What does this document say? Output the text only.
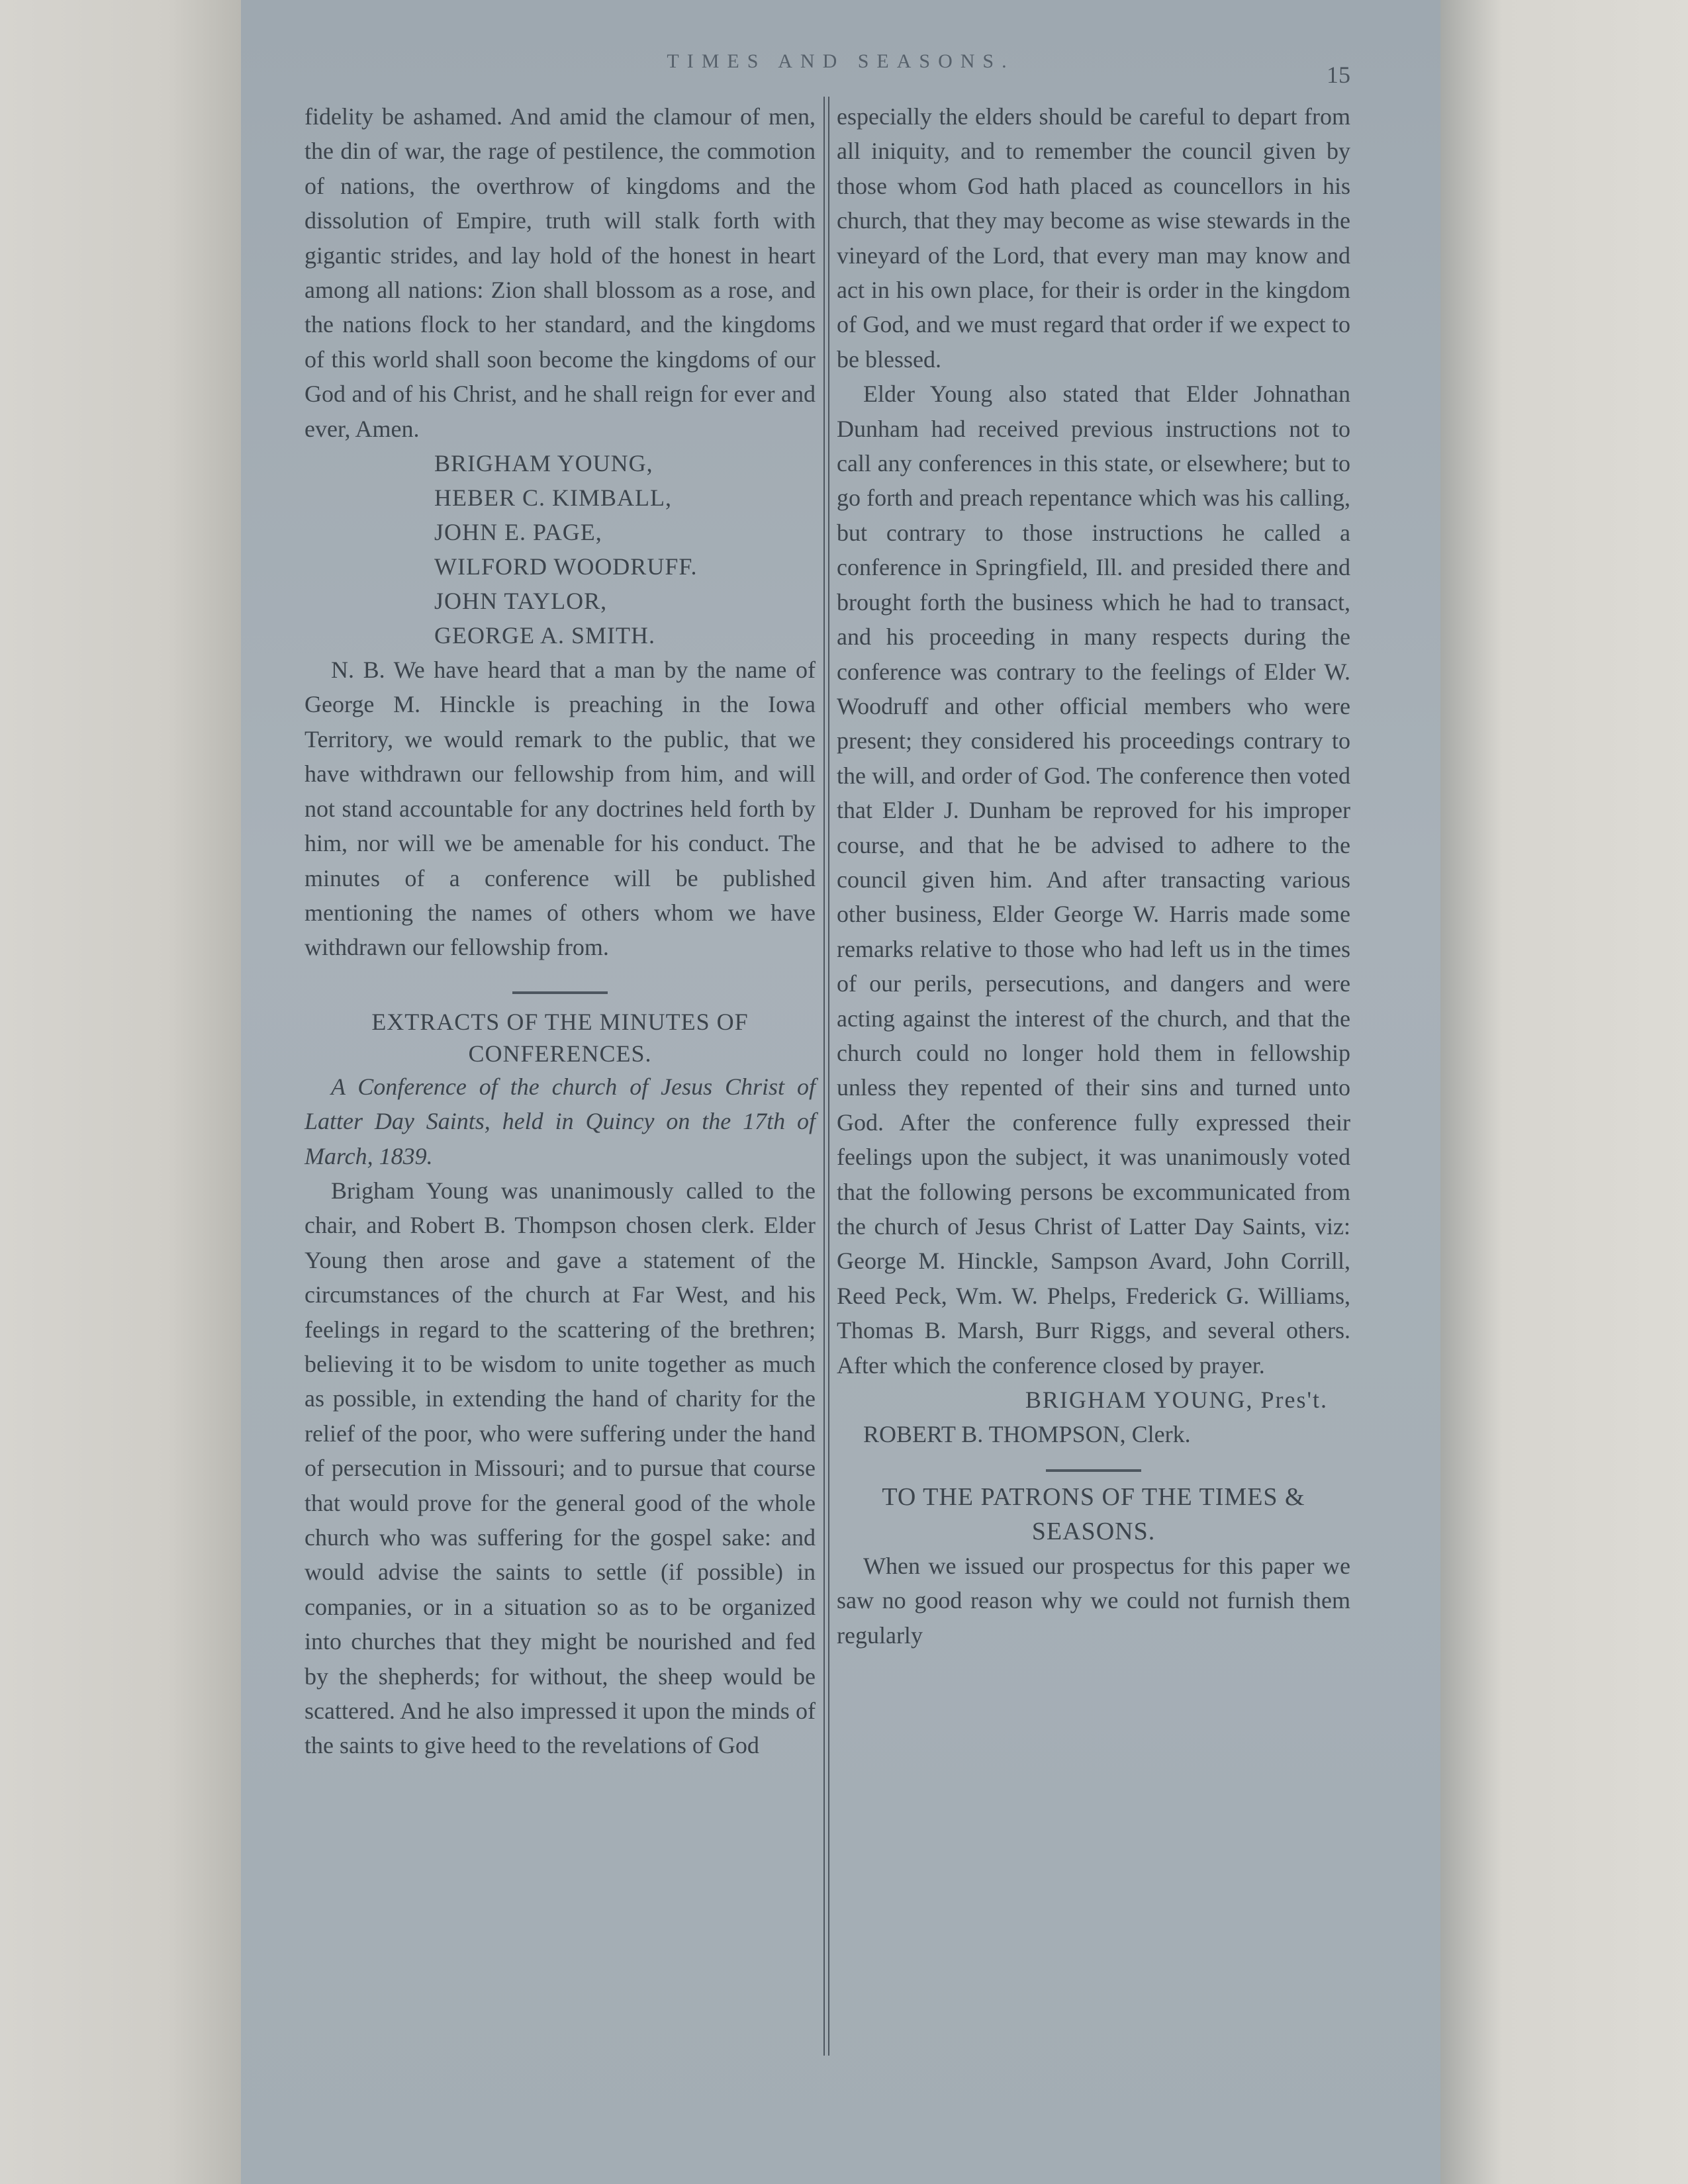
TIMES AND SEASONS.
15

fidelity be ashamed. And amid the clamour of men, the din of war, the rage of pestilence, the commotion of nations, the overthrow of kingdoms and the dissolution of Empire, truth will stalk forth with gigantic strides, and lay hold of the honest in heart among all nations: Zion shall blossom as a rose, and the nations flock to her standard, and the kingdoms of this world shall soon become the kingdoms of our God and of his Christ, and he shall reign for ever and ever, Amen.

BRIGHAM YOUNG,
HEBER C. KIMBALL,
JOHN E. PAGE,
WILFORD WOODRUFF.
JOHN TAYLOR,
GEORGE A. SMITH.

N. B. We have heard that a man by the name of George M. Hinckle is preaching in the Iowa Territory, we would remark to the public, that we have withdrawn our fellowship from him, and will not stand accountable for any doctrines held forth by him, nor will we be amenable for his conduct. The minutes of a conference will be published mentioning the names of others whom we have withdrawn our fellowship from.

EXTRACTS OF THE MINUTES OF CONFERENCES.

A Conference of the church of Jesus Christ of Latter Day Saints, held in Quincy on the 17th of March, 1839.

Brigham Young was unanimously called to the chair, and Robert B. Thompson chosen clerk. Elder Young then arose and gave a statement of the circumstances of the church at Far West, and his feelings in regard to the scattering of the brethren; believing it to be wisdom to unite together as much as possible, in extending the hand of charity for the relief of the poor, who were suffering under the hand of persecution in Missouri; and to pursue that course that would prove for the general good of the whole church who was suffering for the gospel sake: and would advise the saints to settle (if possible) in companies, or in a situation so as to be organized into churches that they might be nourished and fed by the shepherds; for without, the sheep would be scattered. And he also impressed it upon the minds of the saints to give heed to the revelations of God

especially the elders should be careful to depart from all iniquity, and to remember the council given by those whom God hath placed as councellors in his church, that they may become as wise stewards in the vineyard of the Lord, that every man may know and act in his own place, for their is order in the kingdom of God, and we must regard that order if we expect to be blessed.

Elder Young also stated that Elder Johnathan Dunham had received previous instructions not to call any conferences in this state, or elsewhere; but to go forth and preach repentance which was his calling, but contrary to those instructions he called a conference in Springfield, Ill. and presided there and brought forth the business which he had to transact, and his proceeding in many respects during the conference was contrary to the feelings of Elder W. Woodruff and other official members who were present; they considered his proceedings contrary to the will, and order of God. The conference then voted that Elder J. Dunham be reproved for his improper course, and that he be advised to adhere to the council given him. And after transacting various other business, Elder George W. Harris made some remarks relative to those who had left us in the times of our perils, persecutions, and dangers and were acting against the interest of the church, and that the church could no longer hold them in fellowship unless they repented of their sins and turned unto God. After the conference fully expressed their feelings upon the subject, it was unanimously voted that the following persons be excommunicated from the church of Jesus Christ of Latter Day Saints, viz: George M. Hinckle, Sampson Avard, John Corrill, Reed Peck, Wm. W. Phelps, Frederick G. Williams, Thomas B. Marsh, Burr Riggs, and several others. After which the conference closed by prayer.

BRIGHAM YOUNG, Pres't.

ROBERT B. THOMPSON, Clerk.

TO THE PATRONS OF THE TIMES & SEASONS.

When we issued our prospectus for this paper we saw no good reason why we could not furnish them regularly
